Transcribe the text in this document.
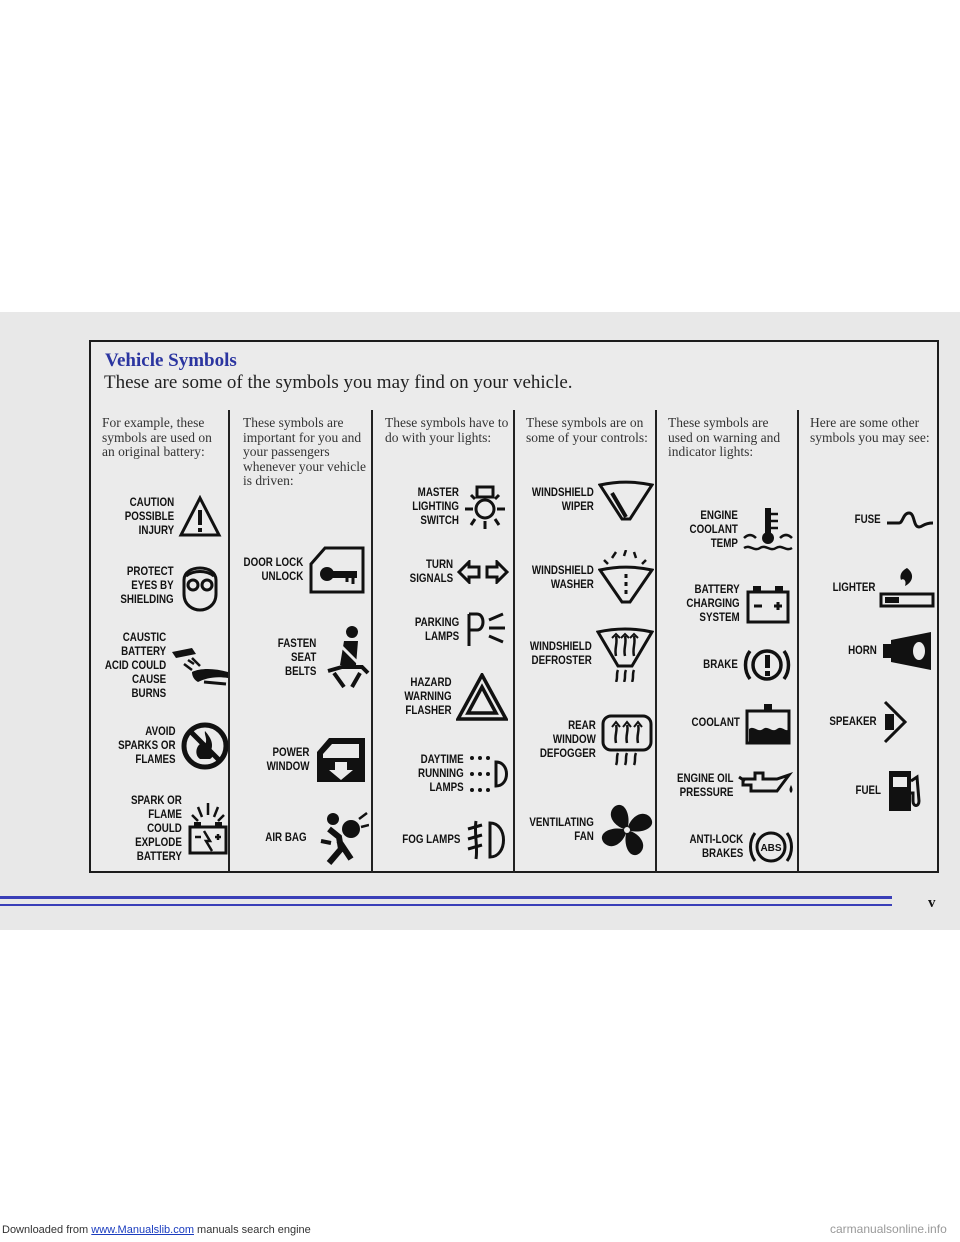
Vehicle Symbols
These are some of the symbols you may find on your vehicle.
For example, these symbols are used on an original battery:
These symbols are important for you and your passengers whenever your vehicle is driven:
These symbols have to do with your lights:
These symbols are on some of your controls:
These symbols are used on warning and indicator lights:
Here are some other symbols you may see:
CAUTION
POSSIBLE
INJURY
PROTECT
EYES BY
SHIELDING
CAUSTIC
BATTERY
ACID COULD
CAUSE
BURNS
AVOID
SPARKS OR
FLAMES
SPARK OR
FLAME
COULD
EXPLODE
BATTERY
DOOR LOCK
UNLOCK
FASTEN
SEAT
BELTS
POWER
WINDOW
AIR BAG
MASTER
LIGHTING
SWITCH
TURN
SIGNALS
PARKING
LAMPS
HAZARD
WARNING
FLASHER
DAYTIME
RUNNING
LAMPS
FOG LAMPS
WINDSHIELD
WIPER
WINDSHIELD
WASHER
WINDSHIELD
DEFROSTER
REAR
WINDOW
DEFOGGER
VENTILATING
FAN
ENGINE
COOLANT
TEMP
BATTERY
CHARGING
SYSTEM
BRAKE
COOLANT
ENGINE OIL
PRESSURE
ANTI-LOCK
BRAKES ABS
FUSE
LIGHTER
HORN
SPEAKER
FUEL
v
Downloaded from www.Manualslib.com manuals search engine	carmanualsonline.info
